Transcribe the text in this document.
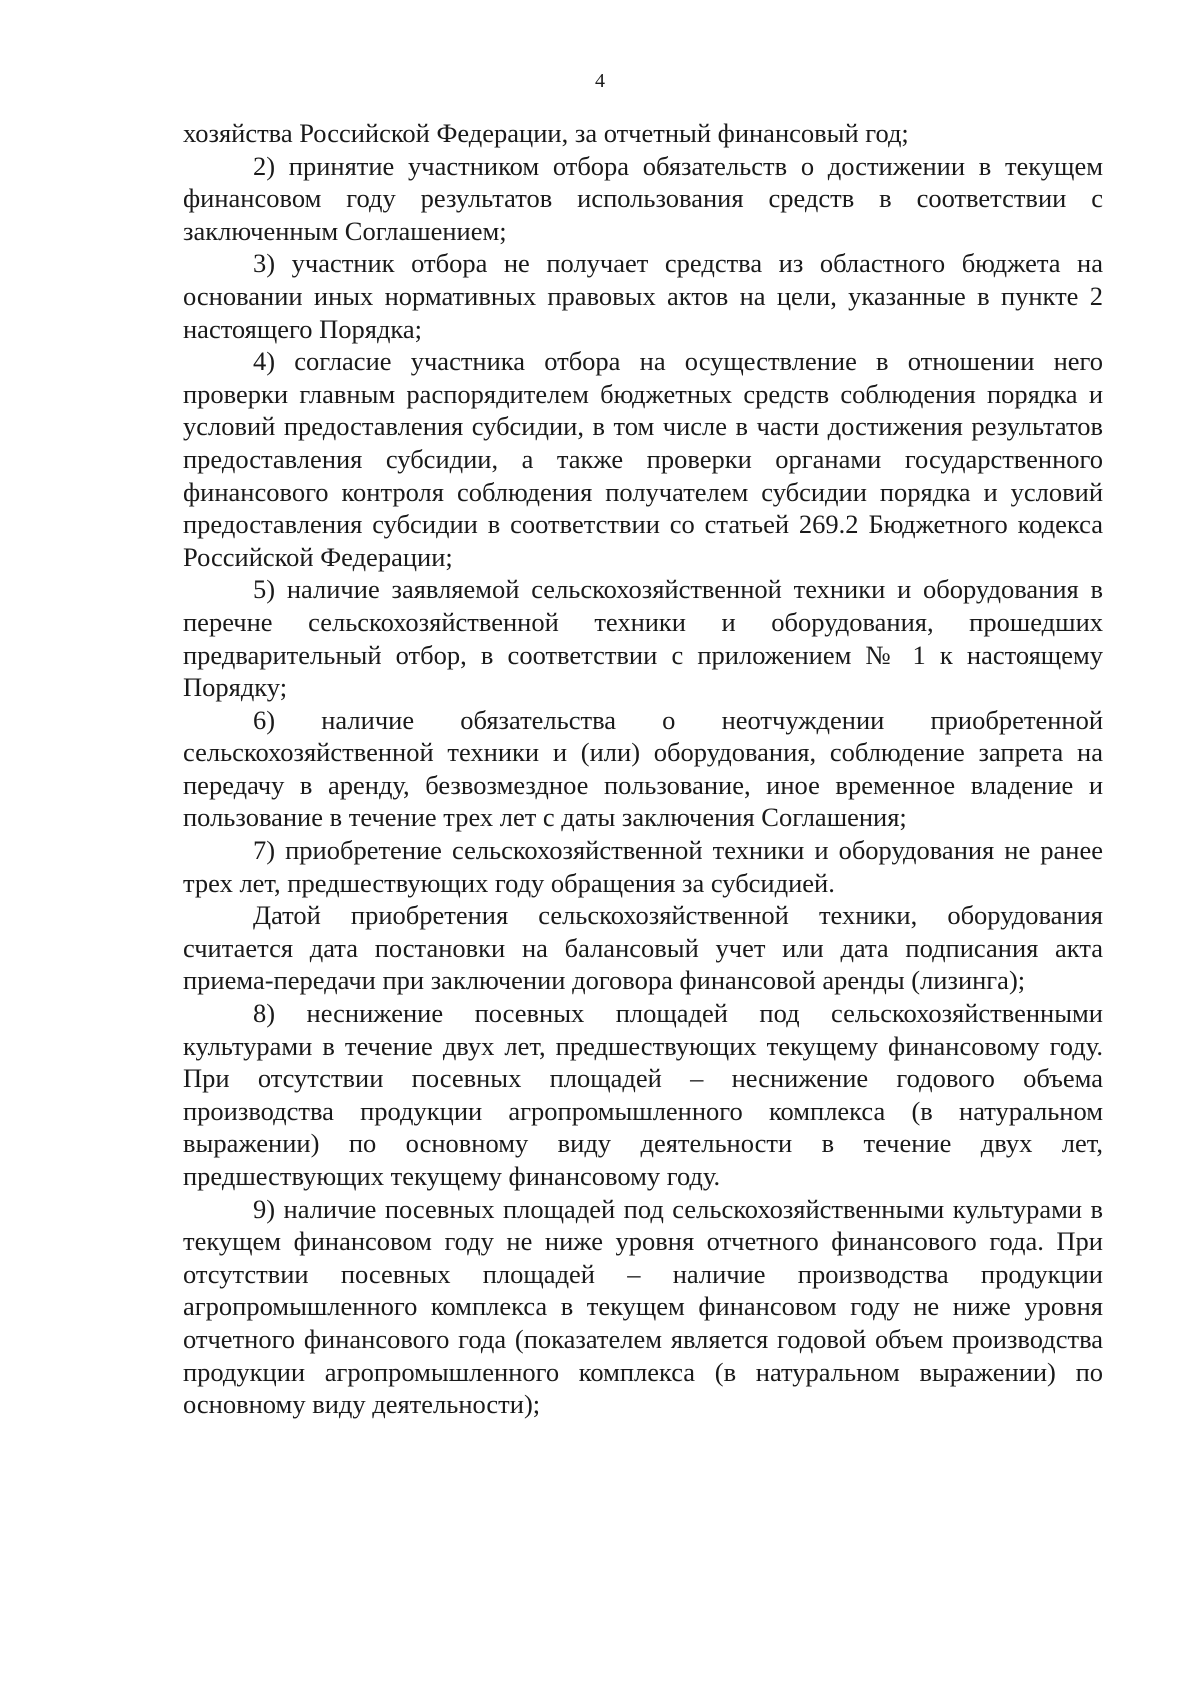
4

хозяйства Российской Федерации, за отчетный финансовый год;

2) принятие участником отбора обязательств о достижении в текущем финансовом году результатов использования средств в соответствии с заключенным Соглашением;

3) участник отбора не получает средства из областного бюджета на основании иных нормативных правовых актов на цели, указанные в пункте 2 настоящего Порядка;

4) согласие участника отбора на осуществление в отношении него проверки главным распорядителем бюджетных средств соблюдения порядка и условий предоставления субсидии, в том числе в части достижения результатов предоставления субсидии, а также проверки органами государственного финансового контроля соблюдения получателем субсидии порядка и условий предоставления субсидии в соответствии со статьей 269.2 Бюджетного кодекса Российской Федерации;

5) наличие заявляемой сельскохозяйственной техники и оборудования в перечне сельскохозяйственной техники и оборудования, прошедших предварительный отбор, в соответствии с приложением № 1 к настоящему Порядку;

6) наличие обязательства о неотчуждении приобретенной сельскохозяйственной техники и (или) оборудования, соблюдение запрета на передачу в аренду, безвозмездное пользование, иное временное владение и пользование в течение трех лет с даты заключения Соглашения;

7) приобретение сельскохозяйственной техники и оборудования не ранее трех лет, предшествующих году обращения за субсидией.

Датой приобретения сельскохозяйственной техники, оборудования считается дата постановки на балансовый учет или дата подписания акта приема-передачи при заключении договора финансовой аренды (лизинга);

8) неснижение посевных площадей под сельскохозяйственными культурами в течение двух лет, предшествующих текущему финансовому году. При отсутствии посевных площадей – неснижение годового объема производства продукции агропромышленного комплекса (в натуральном выражении) по основному виду деятельности в течение двух лет, предшествующих текущему финансовому году.

9) наличие посевных площадей под сельскохозяйственными культурами в текущем финансовом году не ниже уровня отчетного финансового года. При отсутствии посевных площадей – наличие производства продукции агропромышленного комплекса в текущем финансовом году не ниже уровня отчетного финансового года (показателем является годовой объем производства продукции агропромышленного комплекса (в натуральном выражении) по основному виду деятельности);
